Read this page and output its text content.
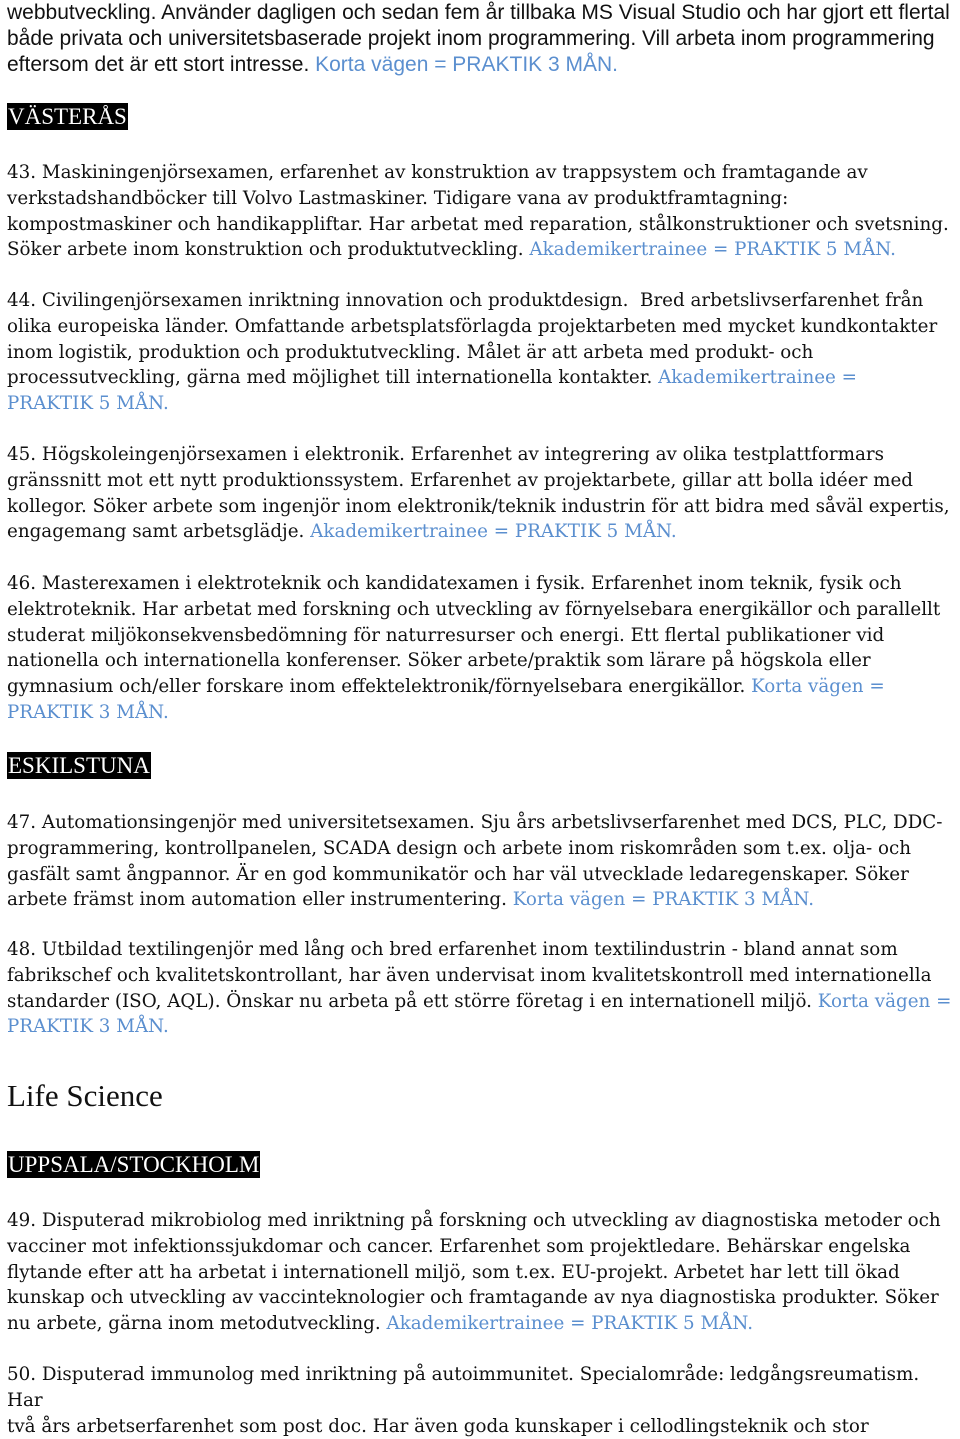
webbutveckling. Använder dagligen och sedan fem år tillbaka MS Visual Studio och har gjort ett flertal
både privata och universitetsbaserade projekt inom programmering. Vill arbeta inom programmering
eftersom det är ett stort intresse. Korta vägen = PRAKTIK 3 MÅN.
VÄSTERÅS
43. Maskiningenjörsexamen, erfarenhet av konstruktion av trappsystem och framtagande av
verkstadshandböcker till Volvo Lastmaskiner. Tidigare vana av produktframtagning:
kompostmaskiner och handikappliftar. Har arbetat med reparation, stålkonstruktioner och svetsning.
Söker arbete inom konstruktion och produktutveckling. Akademikertrainee = PRAKTIK 5 MÅN.
44. Civilingenjörsexamen inriktning innovation och produktdesign.  Bred arbetslivserfarenhet från
olika europeiska länder. Omfattande arbetsplatsförlagda projektarbeten med mycket kundkontakter
inom logistik, produktion och produktutveckling. Målet är att arbeta med produkt- och
processutveckling, gärna med möjlighet till internationella kontakter. Akademikertrainee =
PRAKTIK 5 MÅN.
45. Högskoleingenjörsexamen i elektronik. Erfarenhet av integrering av olika testplattformars
gränssnitt mot ett nytt produktionssystem. Erfarenhet av projektarbete, gillar att bolla idéer med
kollegor. Söker arbete som ingenjör inom elektronik/teknik industrin för att bidra med såväl expertis,
engagemang samt arbetsglädje. Akademikertrainee = PRAKTIK 5 MÅN.
46. Masterexamen i elektroteknik och kandidatexamen i fysik. Erfarenhet inom teknik, fysik och
elektroteknik. Har arbetat med forskning och utveckling av förnyelsebara energikällor och parallellt
studerat miljökonsekvensbedömning för naturresurser och energi. Ett flertal publikationer vid
nationella och internationella konferenser. Söker arbete/praktik som lärare på högskola eller
gymnasium och/eller forskare inom effektelektronik/förnyelsebara energikällor. Korta vägen =
PRAKTIK 3 MÅN.
ESKILSTUNA
47. Automationsingenjör med universitetsexamen. Sju års arbetslivserfarenhet med DCS, PLC, DDC-
programmering, kontrollpanelen, SCADA design och arbete inom riskområden som t.ex. olja- och
gasfält samt ångpannor. Är en god kommunikatör och har väl utvecklade ledaregenskaper. Söker
arbete främst inom automation eller instrumentering. Korta vägen = PRAKTIK 3 MÅN.
48. Utbildad textilingenjör med lång och bred erfarenhet inom textilindustrin - bland annat som
fabrikschef och kvalitetskontrollant, har även undervisat inom kvalitetskontroll med internationella
standarder (ISO, AQL). Önskar nu arbeta på ett större företag i en internationell miljö. Korta vägen =
PRAKTIK 3 MÅN.
Life Science
UPPSALA/STOCKHOLM
49. Disputerad mikrobiolog med inriktning på forskning och utveckling av diagnostiska metoder och
vacciner mot infektionssjukdomar och cancer. Erfarenhet som projektledare. Behärskar engelska
flytande efter att ha arbetat i internationell miljö, som t.ex. EU-projekt. Arbetet har lett till ökad
kunskap och utveckling av vaccinteknologier och framtagande av nya diagnostiska produkter. Söker
nu arbete, gärna inom metodutveckling. Akademikertrainee = PRAKTIK 5 MÅN.
50. Disputerad immunolog med inriktning på autoimmunitet. Specialområde: ledgångsreumatism. Har
två års arbetserfarenhet som post doc. Har även goda kunskaper i cellodlingsteknik och stor
